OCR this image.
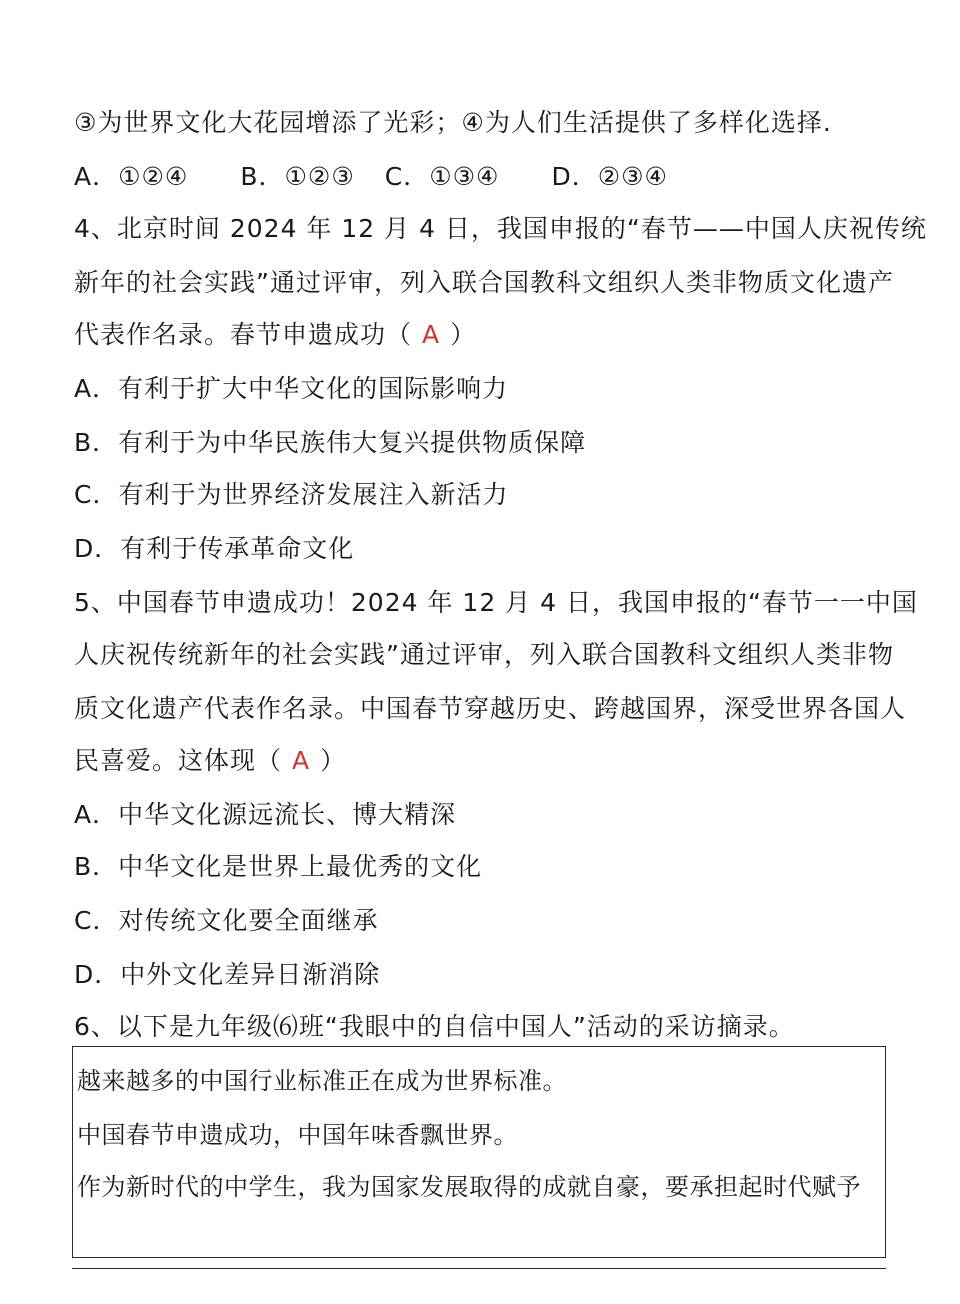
③为世界文化大花园增添了光彩；④为人们生活提供了多样化选择.
A．①②④ B．①②③ C．①③④ D．②③④
4、北京时间 2024 年 12 月 4 日，我国申报的“春节——中国人庆祝传统
新年的社会实践”通过评审，列入联合国教科文组织人类非物质文化遗产
代表作名录。春节申遗成功（ A ）
A．有利于扩大中华文化的国际影响力
B．有利于为中华民族伟大复兴提供物质保障
C．有利于为世界经济发展注入新活力
D．有利于传承革命文化
5、中国春节申遗成功！2024 年 12 月 4 日，我国申报的“春节一一中国
人庆祝传统新年的社会实践”通过评审，列入联合国教科文组织人类非物
质文化遗产代表作名录。中国春节穿越历史、跨越国界，深受世界各国人
民喜爱。这体现（ A ）
A．中华文化源远流长、博大精深
B．中华文化是世界上最优秀的文化
C．对传统文化要全面继承
D．中外文化差异日渐消除
6、以下是九年级⑹班“我眼中的自信中国人”活动的采访摘录。
越来越多的中国行业标准正在成为世界标准。
中国春节申遗成功，中国年味香飘世界。
作为新时代的中学生，我为国家发展取得的成就自豪，要承担起时代赋予
